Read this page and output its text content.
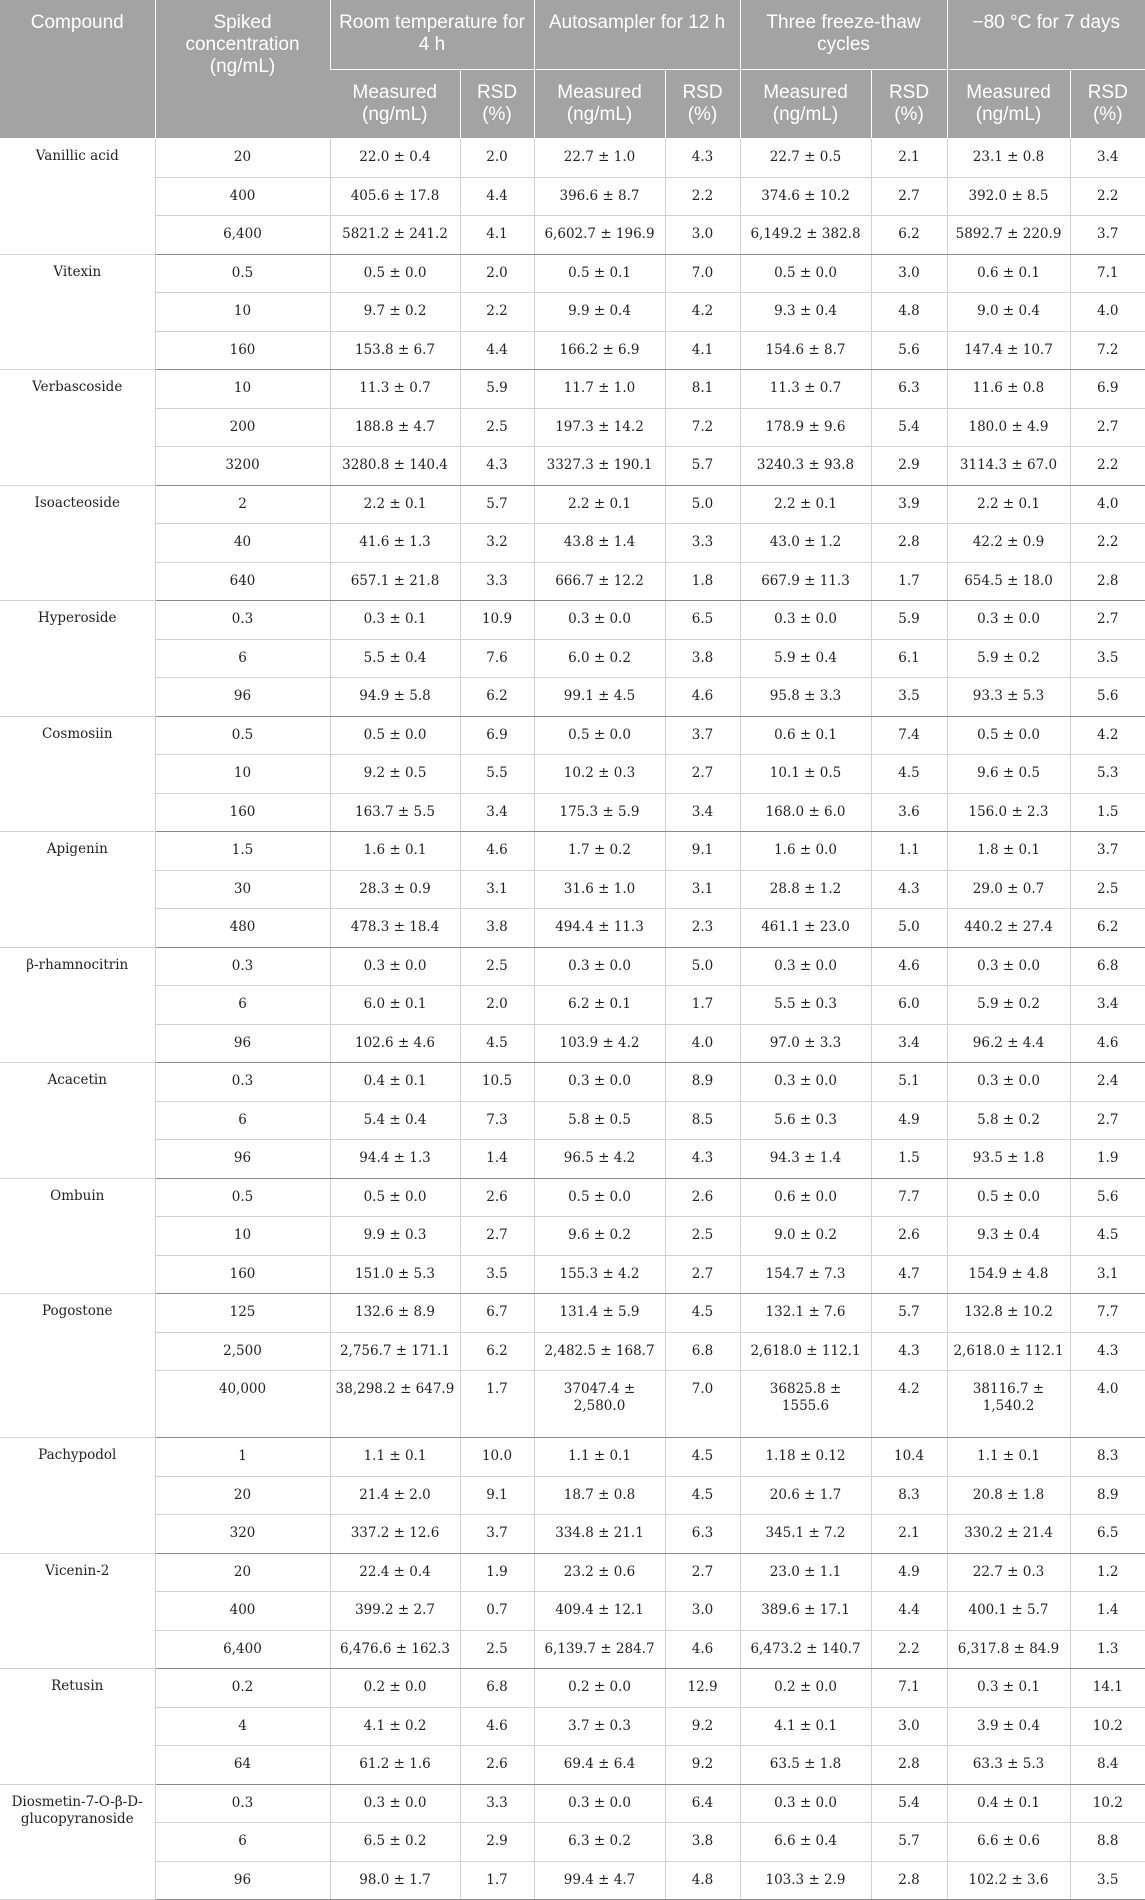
Compound	Spiked concentration (ng/mL)	Room temperature for 4 h		Autosampler for 12 h		Three freeze-thaw cycles		−80 °C for 7 days	
		Measured (ng/mL)	RSD (%)	Measured (ng/mL)	RSD (%)	Measured (ng/mL)	RSD (%)	Measured (ng/mL)	RSD (%)
Vanillic acid	20	22.0 ± 0.4	2.0	22.7 ± 1.0	4.3	22.7 ± 0.5	2.1	23.1 ± 0.8	3.4
	400	405.6 ± 17.8	4.4	396.6 ± 8.7	2.2	374.6 ± 10.2	2.7	392.0 ± 8.5	2.2
	6,400	5821.2 ± 241.2	4.1	6,602.7 ± 196.9	3.0	6,149.2 ± 382.8	6.2	5892.7 ± 220.9	3.7
Vitexin	0.5	0.5 ± 0.0	2.0	0.5 ± 0.1	7.0	0.5 ± 0.0	3.0	0.6 ± 0.1	7.1
	10	9.7 ± 0.2	2.2	9.9 ± 0.4	4.2	9.3 ± 0.4	4.8	9.0 ± 0.4	4.0
	160	153.8 ± 6.7	4.4	166.2 ± 6.9	4.1	154.6 ± 8.7	5.6	147.4 ± 10.7	7.2
Verbascoside	10	11.3 ± 0.7	5.9	11.7 ± 1.0	8.1	11.3 ± 0.7	6.3	11.6 ± 0.8	6.9
	200	188.8 ± 4.7	2.5	197.3 ± 14.2	7.2	178.9 ± 9.6	5.4	180.0 ± 4.9	2.7
	3200	3280.8 ± 140.4	4.3	3327.3 ± 190.1	5.7	3240.3 ± 93.8	2.9	3114.3 ± 67.0	2.2
Isoacteoside	2	2.2 ± 0.1	5.7	2.2 ± 0.1	5.0	2.2 ± 0.1	3.9	2.2 ± 0.1	4.0
	40	41.6 ± 1.3	3.2	43.8 ± 1.4	3.3	43.0 ± 1.2	2.8	42.2 ± 0.9	2.2
	640	657.1 ± 21.8	3.3	666.7 ± 12.2	1.8	667.9 ± 11.3	1.7	654.5 ± 18.0	2.8
Hyperoside	0.3	0.3 ± 0.1	10.9	0.3 ± 0.0	6.5	0.3 ± 0.0	5.9	0.3 ± 0.0	2.7
	6	5.5 ± 0.4	7.6	6.0 ± 0.2	3.8	5.9 ± 0.4	6.1	5.9 ± 0.2	3.5
	96	94.9 ± 5.8	6.2	99.1 ± 4.5	4.6	95.8 ± 3.3	3.5	93.3 ± 5.3	5.6
Cosmosiin	0.5	0.5 ± 0.0	6.9	0.5 ± 0.0	3.7	0.6 ± 0.1	7.4	0.5 ± 0.0	4.2
	10	9.2 ± 0.5	5.5	10.2 ± 0.3	2.7	10.1 ± 0.5	4.5	9.6 ± 0.5	5.3
	160	163.7 ± 5.5	3.4	175.3 ± 5.9	3.4	168.0 ± 6.0	3.6	156.0 ± 2.3	1.5
Apigenin	1.5	1.6 ± 0.1	4.6	1.7 ± 0.2	9.1	1.6 ± 0.0	1.1	1.8 ± 0.1	3.7
	30	28.3 ± 0.9	3.1	31.6 ± 1.0	3.1	28.8 ± 1.2	4.3	29.0 ± 0.7	2.5
	480	478.3 ± 18.4	3.8	494.4 ± 11.3	2.3	461.1 ± 23.0	5.0	440.2 ± 27.4	6.2
β-rhamnocitrin	0.3	0.3 ± 0.0	2.5	0.3 ± 0.0	5.0	0.3 ± 0.0	4.6	0.3 ± 0.0	6.8
	6	6.0 ± 0.1	2.0	6.2 ± 0.1	1.7	5.5 ± 0.3	6.0	5.9 ± 0.2	3.4
	96	102.6 ± 4.6	4.5	103.9 ± 4.2	4.0	97.0 ± 3.3	3.4	96.2 ± 4.4	4.6
Acacetin	0.3	0.4 ± 0.1	10.5	0.3 ± 0.0	8.9	0.3 ± 0.0	5.1	0.3 ± 0.0	2.4
	6	5.4 ± 0.4	7.3	5.8 ± 0.5	8.5	5.6 ± 0.3	4.9	5.8 ± 0.2	2.7
	96	94.4 ± 1.3	1.4	96.5 ± 4.2	4.3	94.3 ± 1.4	1.5	93.5 ± 1.8	1.9
Ombuin	0.5	0.5 ± 0.0	2.6	0.5 ± 0.0	2.6	0.6 ± 0.0	7.7	0.5 ± 0.0	5.6
	10	9.9 ± 0.3	2.7	9.6 ± 0.2	2.5	9.0 ± 0.2	2.6	9.3 ± 0.4	4.5
	160	151.0 ± 5.3	3.5	155.3 ± 4.2	2.7	154.7 ± 7.3	4.7	154.9 ± 4.8	3.1
Pogostone	125	132.6 ± 8.9	6.7	131.4 ± 5.9	4.5	132.1 ± 7.6	5.7	132.8 ± 10.2	7.7
	2,500	2,756.7 ± 171.1	6.2	2,482.5 ± 168.7	6.8	2,618.0 ± 112.1	4.3	2,618.0 ± 112.1	4.3
	40,000	38,298.2 ± 647.9	1.7	37047.4 ± 2,580.0	7.0	36825.8 ± 1555.6	4.2	38116.7 ± 1,540.2	4.0
Pachypodol	1	1.1 ± 0.1	10.0	1.1 ± 0.1	4.5	1.18 ± 0.12	10.4	1.1 ± 0.1	8.3
	20	21.4 ± 2.0	9.1	18.7 ± 0.8	4.5	20.6 ± 1.7	8.3	20.8 ± 1.8	8.9
	320	337.2 ± 12.6	3.7	334.8 ± 21.1	6.3	345.1 ± 7.2	2.1	330.2 ± 21.4	6.5
Vicenin-2	20	22.4 ± 0.4	1.9	23.2 ± 0.6	2.7	23.0 ± 1.1	4.9	22.7 ± 0.3	1.2
	400	399.2 ± 2.7	0.7	409.4 ± 12.1	3.0	389.6 ± 17.1	4.4	400.1 ± 5.7	1.4
	6,400	6,476.6 ± 162.3	2.5	6,139.7 ± 284.7	4.6	6,473.2 ± 140.7	2.2	6,317.8 ± 84.9	1.3
Retusin	0.2	0.2 ± 0.0	6.8	0.2 ± 0.0	12.9	0.2 ± 0.0	7.1	0.3 ± 0.1	14.1
	4	4.1 ± 0.2	4.6	3.7 ± 0.3	9.2	4.1 ± 0.1	3.0	3.9 ± 0.4	10.2
	64	61.2 ± 1.6	2.6	69.4 ± 6.4	9.2	63.5 ± 1.8	2.8	63.3 ± 5.3	8.4
Diosmetin-7-O-β-D-glucopyranoside	0.3	0.3 ± 0.0	3.3	0.3 ± 0.0	6.4	0.3 ± 0.0	5.4	0.4 ± 0.1	10.2
	6	6.5 ± 0.2	2.9	6.3 ± 0.2	3.8	6.6 ± 0.4	5.7	6.6 ± 0.6	8.8
	96	98.0 ± 1.7	1.7	99.4 ± 4.7	4.8	103.3 ± 2.9	2.8	102.2 ± 3.6	3.5
